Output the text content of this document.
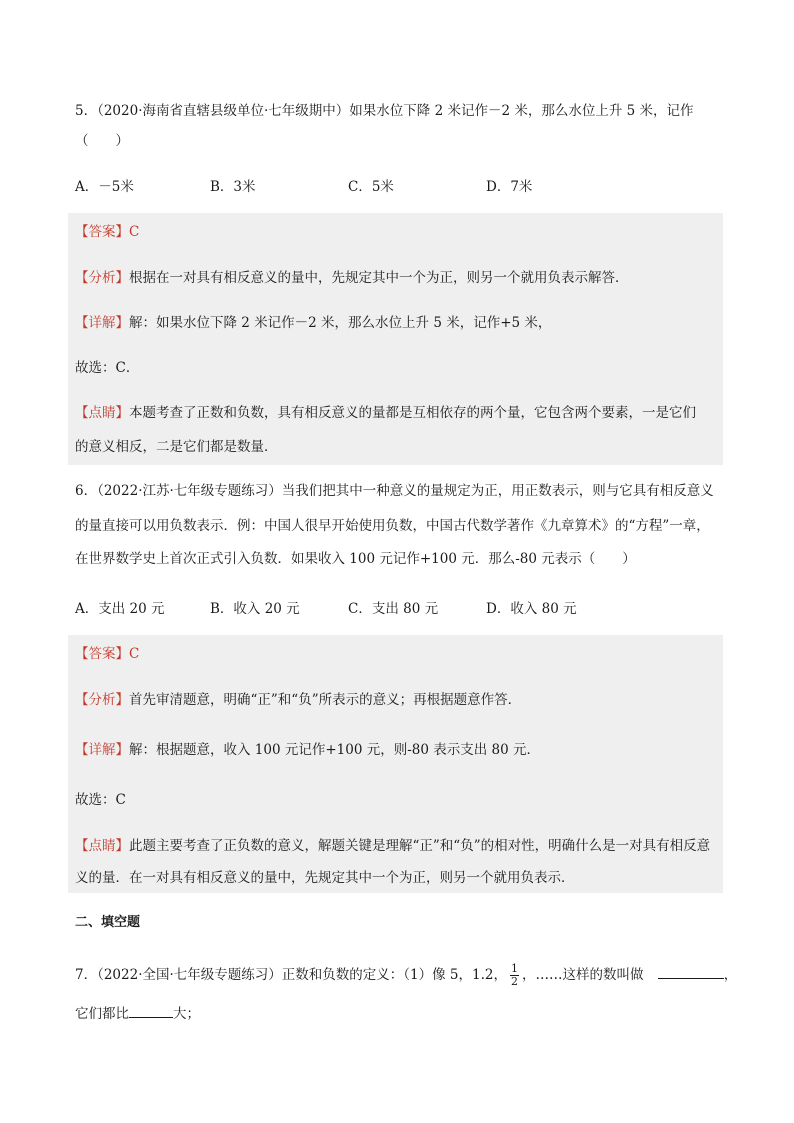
5．（2020·海南省直辖县级单位·七年级期中）如果水位下降 2 米记作－2 米，那么水位上升 5 米，记作
（　　）
A．－5米	B．3米	C．5米	D．7米
【答案】C
【分析】根据在一对具有相反意义的量中，先规定其中一个为正，则另一个就用负表示解答．
【详解】解：如果水位下降 2 米记作－2 米，那么水位上升 5 米，记作+5 米，
故选：C．
【点睛】本题考查了正数和负数，具有相反意义的量都是互相依存的两个量，它包含两个要素，一是它们
的意义相反，二是它们都是数量．
6．（2022·江苏·七年级专题练习）当我们把其中一种意义的量规定为正，用正数表示，则与它具有相反意义
的量直接可以用负数表示．例：中国人很早开始使用负数，中国古代数学著作《九章算术》的“方程”一章，
在世界数学史上首次正式引入负数．如果收入 100 元记作+100 元．那么-80 元表示（　　）
A．支出 20 元	B．收入 20 元	C．支出 80 元	D．收入 80 元
【答案】C
【分析】首先审清题意，明确“正”和“负”所表示的意义；再根据题意作答．
【详解】解：根据题意，收入 100 元记作+100 元，则-80 表示支出 80 元．
故选：C
【点睛】此题主要考查了正负数的意义，解题关键是理解“正”和“负”的相对性，明确什么是一对具有相反意
义的量．在一对具有相反意义的量中，先规定其中一个为正，则另一个就用负表示．
二、填空题
7．（2022·全国·七年级专题练习）正数和负数的定义：（1）像 5，1.2， $\frac{1}{2}$ ，……这样的数叫做	，
它们都比	大；
